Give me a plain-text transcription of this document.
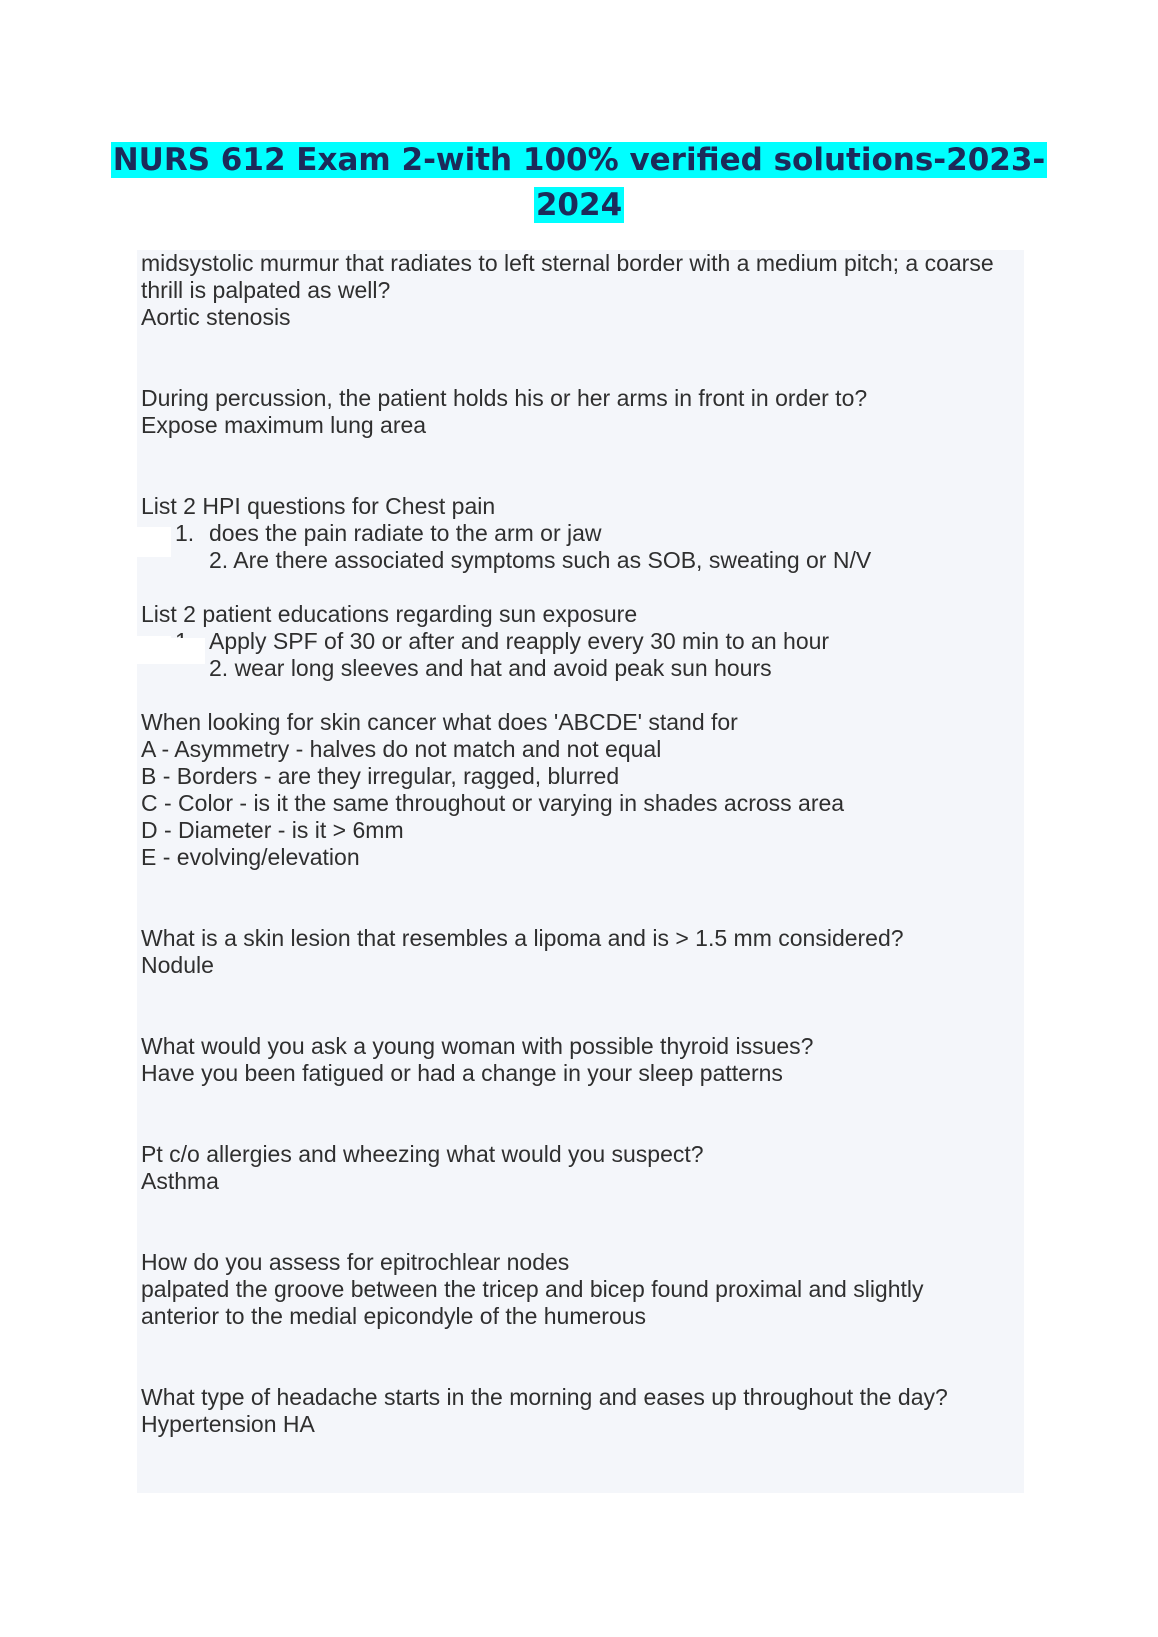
NURS 612 Exam 2-with 100% verified solutions-2023-
2024
midsystolic murmur that radiates to left sternal border with a medium pitch; a coarse
thrill is palpated as well?
Aortic stenosis
During percussion, the patient holds his or her arms in front in order to?
Expose maximum lung area
List 2 HPI questions for Chest pain
1. does the pain radiate to the arm or jaw
2. Are there associated symptoms such as SOB, sweating or N/V
List 2 patient educations regarding sun exposure
Apply SPF of 30 or after and reapply every 30 min to an hour
2. wear long sleeves and hat and avoid peak sun hours
When looking for skin cancer what does 'ABCDE' stand for
A - Asymmetry - halves do not match and not equal
B - Borders - are they irregular, ragged, blurred
C - Color - is it the same throughout or varying in shades across area
D - Diameter - is it > 6mm
E - evolving/elevation
What is a skin lesion that resembles a lipoma and is > 1.5 mm considered?
Nodule
What would you ask a young woman with possible thyroid issues?
Have you been fatigued or had a change in your sleep patterns
Pt c/o allergies and wheezing what would you suspect?
Asthma
How do you assess for epitrochlear nodes
palpated the groove between the tricep and bicep found proximal and slightly
anterior to the medial epicondyle of the humerous
What type of headache starts in the morning and eases up throughout the day?
Hypertension HA
